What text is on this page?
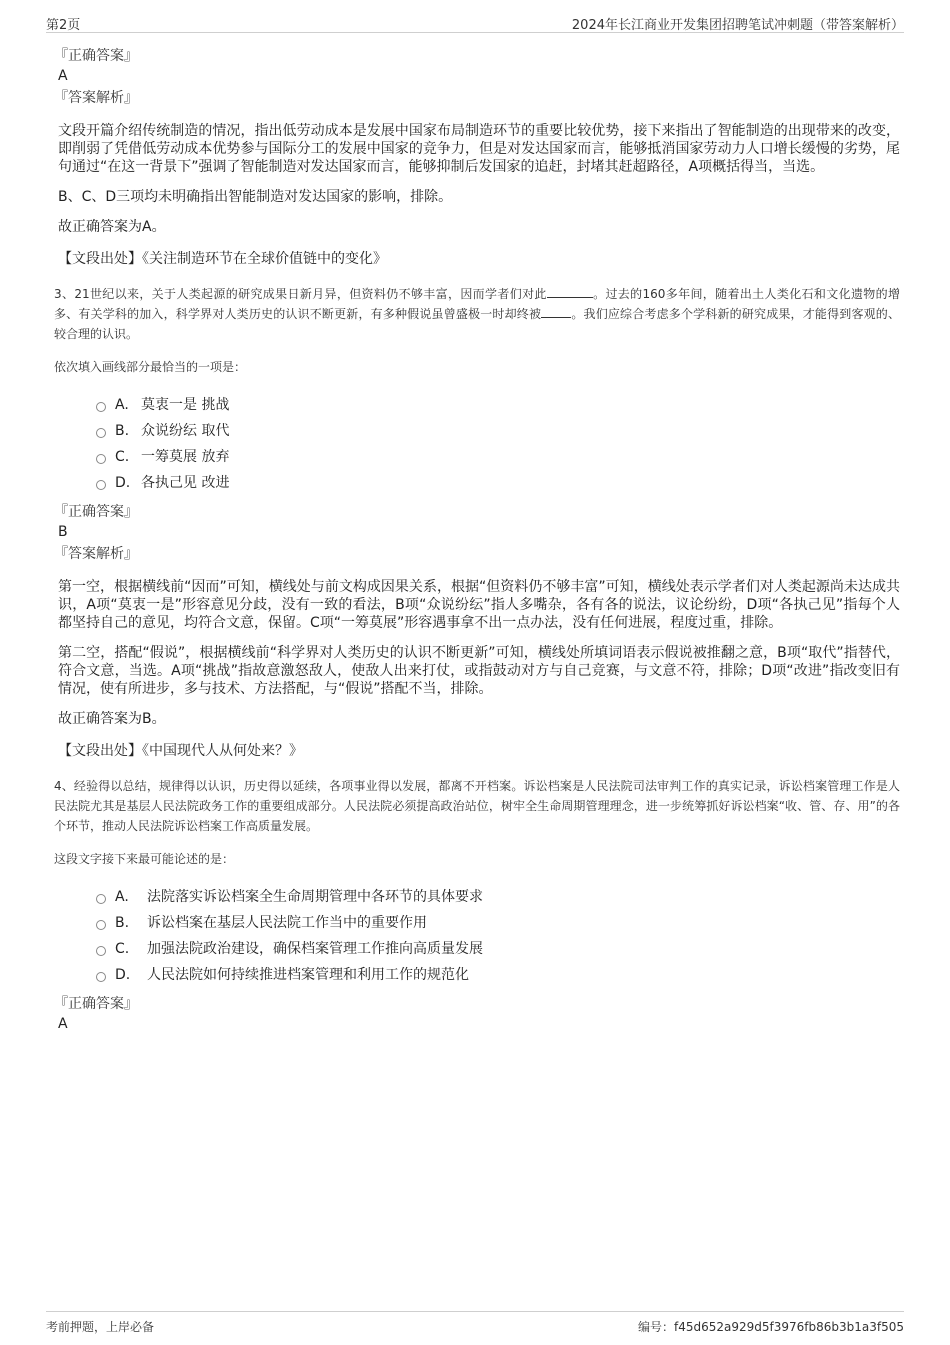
第2页	2024年长江商业开发集团招聘笔试冲刺题（带答案解析）
『正确答案』
A
『答案解析』
文段开篇介绍传统制造的情况，指出低劳动成本是发展中国家布局制造环节的重要比较优势，接下来指出了智能制造的出现带来的改变，即削弱了凭借低劳动成本优势参与国际分工的发展中国家的竞争力，但是对发达国家而言，能够抵消国家劳动力人口增长缓慢的劣势，尾句通过“在这一背景下”强调了智能制造对发达国家而言，能够抑制后发国家的追赶，封堵其赶超路径，A项概括得当，当选。
B、C、D三项均未明确指出智能制造对发达国家的影响，排除。
故正确答案为A。
【文段出处】《关注制造环节在全球价值链中的变化》
3、21世纪以来，关于人类起源的研究成果日新月异，但资料仍不够丰富，因而学者们对此	。过去的160多年间，随着出土人类化石和文化遗物的增多、有关学科的加入，科学界对人类历史的认识不断更新，有多种假说虽曾盛极一时却终被	。我们应综合考虑多个学科新的研究成果，才能得到客观的、较合理的认识。
依次填入画线部分最恰当的一项是：
A. 莫衷一是 挑战
B. 众说纷纭 取代
C. 一筹莫展 放弃
D. 各执己见 改进
『正确答案』
B
『答案解析』
第一空，根据横线前“因而”可知，横线处与前文构成因果关系，根据“但资料仍不够丰富”可知，横线处表示学者们对人类起源尚未达成共识，A项“莫衷一是”形容意见分歧，没有一致的看法，B项“众说纷纭”指人多嘴杂，各有各的说法，议论纷纷，D项“各执己见”指每个人都坚持自己的意见，均符合文意，保留。C项“一筹莫展”形容遇事拿不出一点办法，没有任何进展，程度过重，排除。
第二空，搭配“假说”，根据横线前“科学界对人类历史的认识不断更新”可知，横线处所填词语表示假说被推翻之意，B项“取代”指替代，符合文意，当选。A项“挑战”指故意激怒敌人，使敌人出来打仗，或指鼓动对方与自己竞赛，与文意不符，排除；D项“改进”指改变旧有情况，使有所进步，多与技术、方法搭配，与“假说”搭配不当，排除。
故正确答案为B。
【文段出处】《中国现代人从何处来？》
4、经验得以总结，规律得以认识，历史得以延续，各项事业得以发展，都离不开档案。诉讼档案是人民法院司法审判工作的真实记录，诉讼档案管理工作是人民法院尤其是基层人民法院政务工作的重要组成部分。人民法院必须提高政治站位，树牢全生命周期管理理念，进一步统筹抓好诉讼档案“收、管、存、用”的各个环节，推动人民法院诉讼档案工作高质量发展。
这段文字接下来最可能论述的是：
A.	法院落实诉讼档案全生命周期管理中各环节的具体要求
B.	诉讼档案在基层人民法院工作当中的重要作用
C.	加强法院政治建设，确保档案管理工作推向高质量发展
D.	人民法院如何持续推进档案管理和利用工作的规范化
『正确答案』
A
考前押题，上岸必备	编号：f45d652a929d5f3976fb86b3b1a3f505
